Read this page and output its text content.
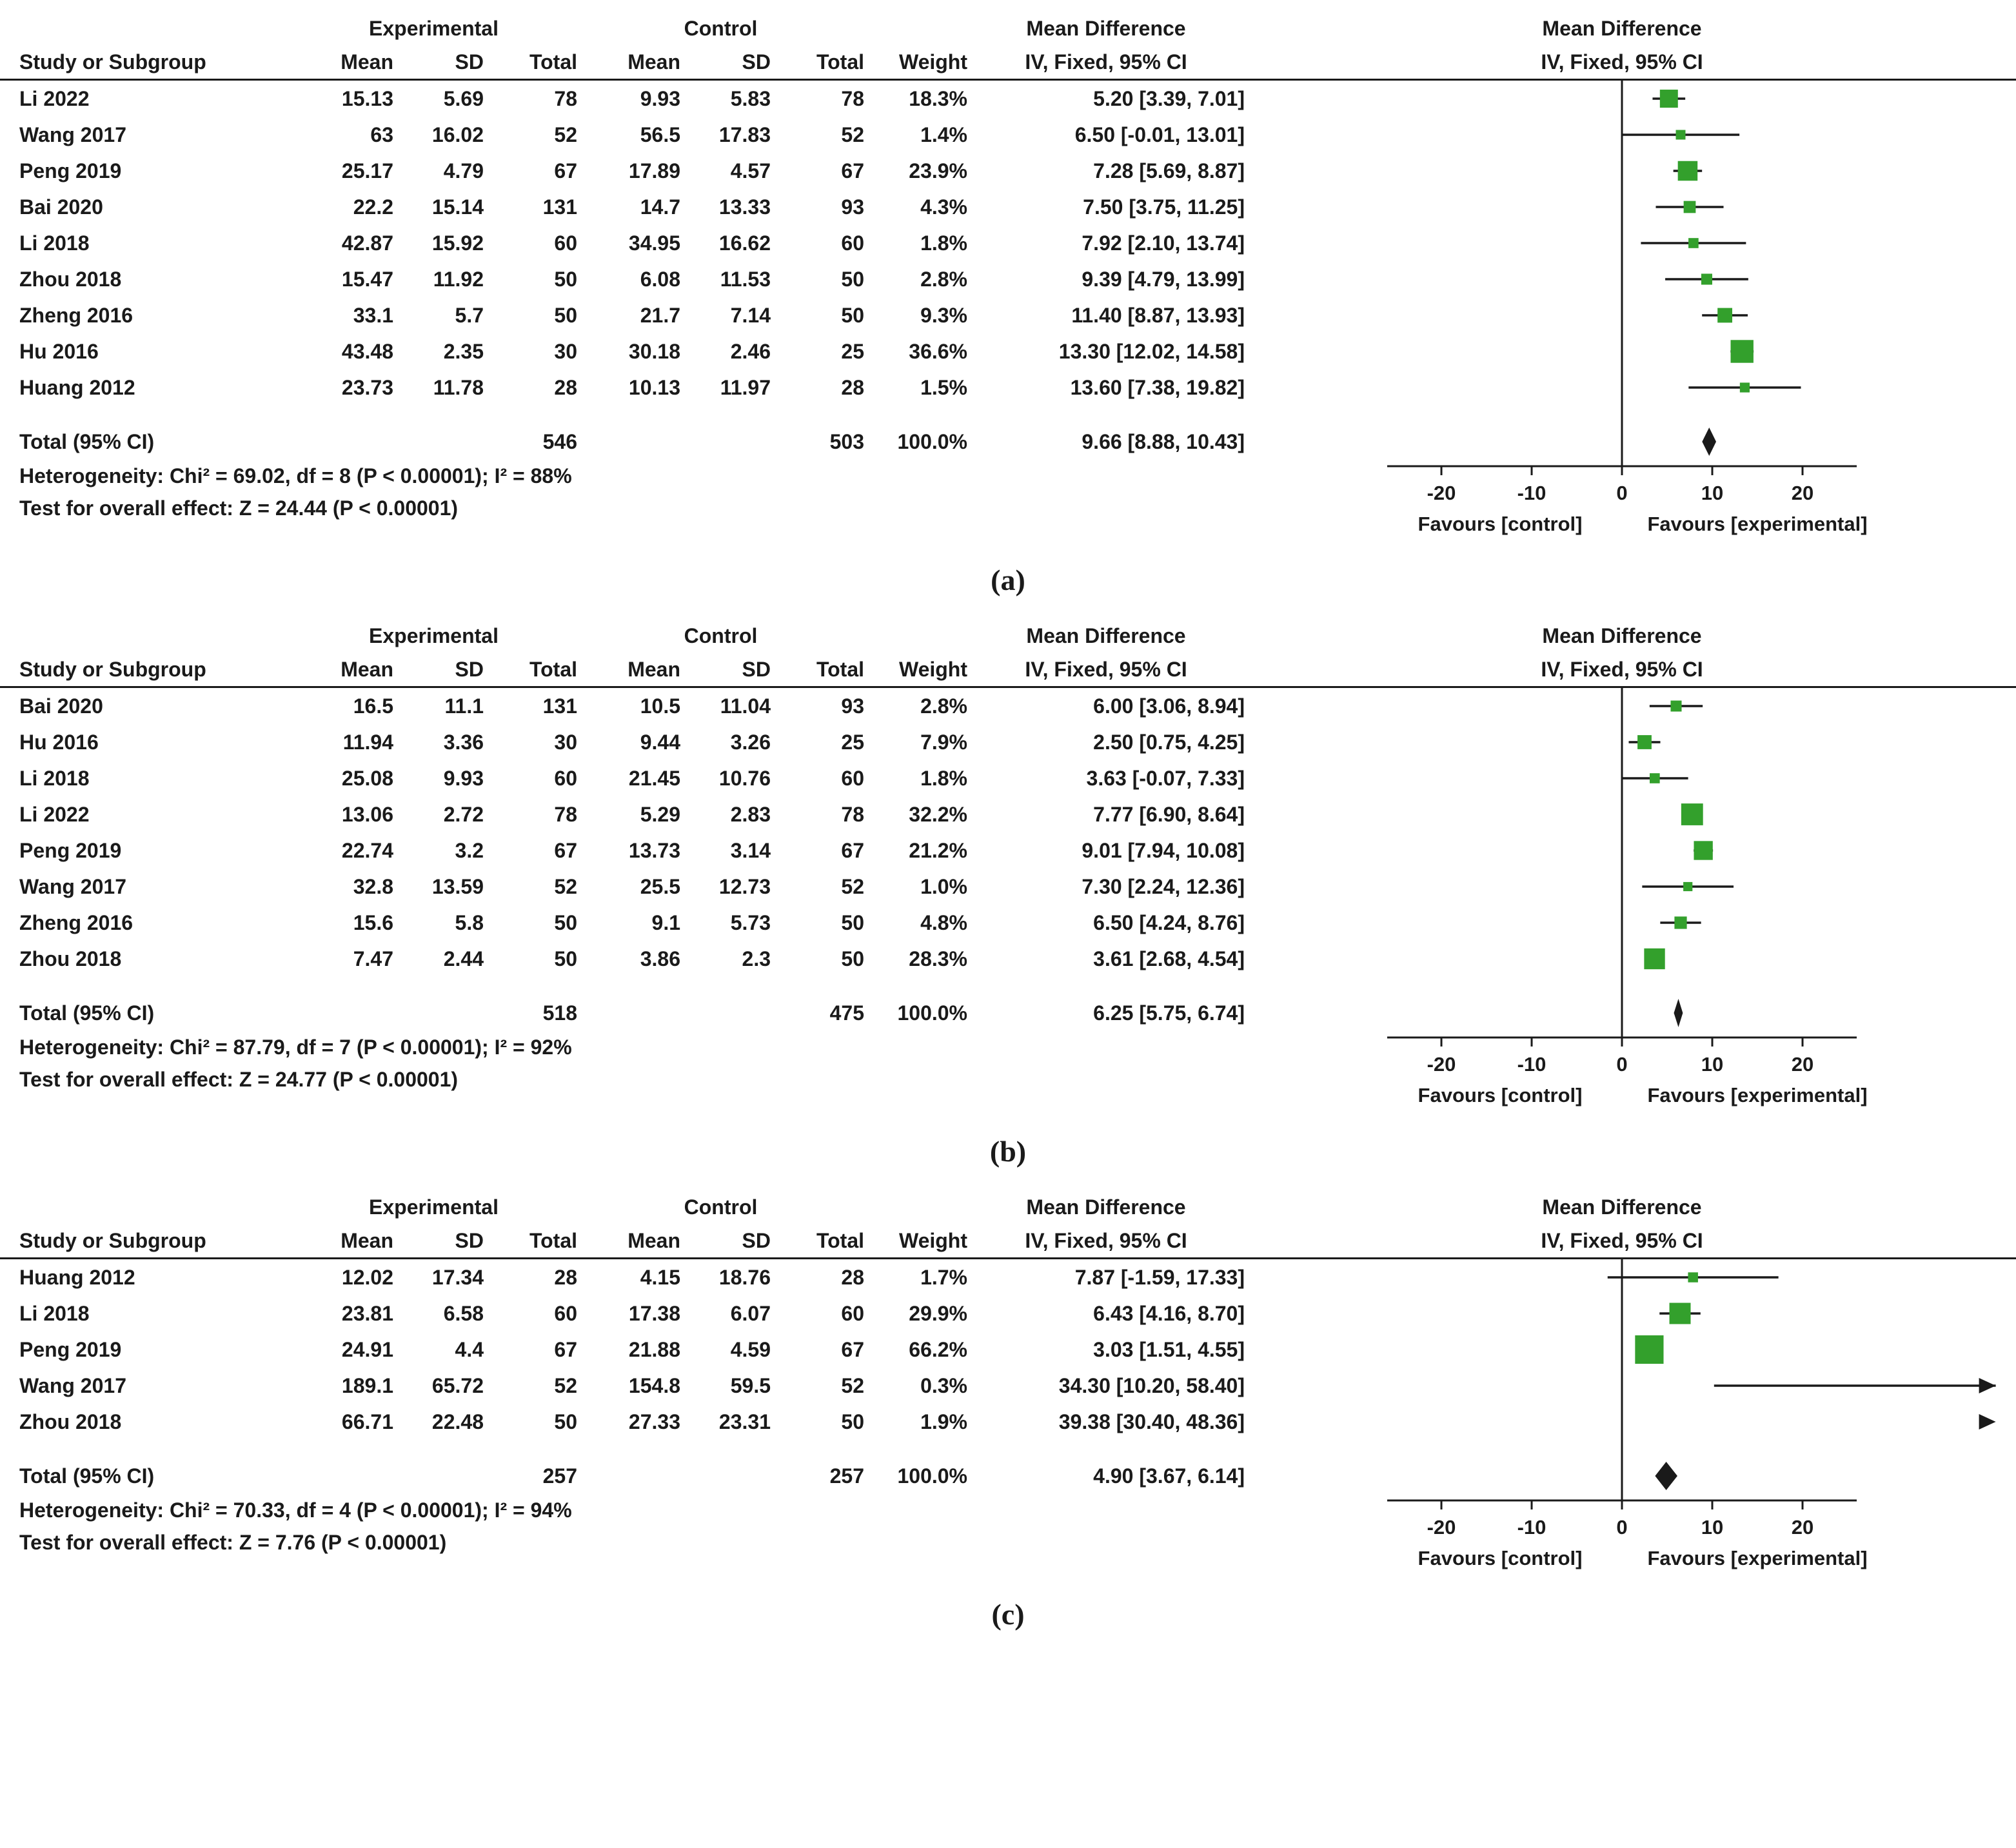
Experimental	Control	Mean Difference
Study or Subgroup	Mean	SD	Total	Mean	SD	Total	Weight	IV, Fixed, 95% CI
Li 2022	15.13	5.69	78	9.93	5.83	78	18.3%	5.20 [3.39, 7.01]
Wang 2017	63	16.02	52	56.5	17.83	52	1.4%	6.50 [-0.01, 13.01]
Peng 2019	25.17	4.79	67	17.89	4.57	67	23.9%	7.28 [5.69, 8.87]
Bai 2020	22.2	15.14	131	14.7	13.33	93	4.3%	7.50 [3.75, 11.25]
Li 2018	42.87	15.92	60	34.95	16.62	60	1.8%	7.92 [2.10, 13.74]
Zhou 2018	15.47	11.92	50	6.08	11.53	50	2.8%	9.39 [4.79, 13.99]
Zheng 2016	33.1	5.7	50	21.7	7.14	50	9.3%	11.40 [8.87, 13.93]
Hu 2016	43.48	2.35	30	30.18	2.46	25	36.6%	13.30 [12.02, 14.58]
Huang 2012	23.73	11.78	28	10.13	11.97	28	1.5%	13.60 [7.38, 19.82]
Total (95% CI)	546	503	100.0%	9.66 [8.88, 10.43]
Heterogeneity: Chi² = 69.02, df = 8 (P < 0.00001); I² = 88%
Test for overall effect: Z = 24.44 (P < 0.00001)
Mean Difference
IV, Fixed, 95% CI
-20	-10	0	10	20
Favours [control]	Favours [experimental]
(a)
Experimental	Control	Mean Difference
Study or Subgroup	Mean	SD	Total	Mean	SD	Total	Weight	IV, Fixed, 95% CI
Bai 2020	16.5	11.1	131	10.5	11.04	93	2.8%	6.00 [3.06, 8.94]
Hu 2016	11.94	3.36	30	9.44	3.26	25	7.9%	2.50 [0.75, 4.25]
Li 2018	25.08	9.93	60	21.45	10.76	60	1.8%	3.63 [-0.07, 7.33]
Li 2022	13.06	2.72	78	5.29	2.83	78	32.2%	7.77 [6.90, 8.64]
Peng 2019	22.74	3.2	67	13.73	3.14	67	21.2%	9.01 [7.94, 10.08]
Wang 2017	32.8	13.59	52	25.5	12.73	52	1.0%	7.30 [2.24, 12.36]
Zheng 2016	15.6	5.8	50	9.1	5.73	50	4.8%	6.50 [4.24, 8.76]
Zhou 2018	7.47	2.44	50	3.86	2.3	50	28.3%	3.61 [2.68, 4.54]
Total (95% CI)	518	475	100.0%	6.25 [5.75, 6.74]
Heterogeneity: Chi² = 87.79, df = 7 (P < 0.00001); I² = 92%
Test for overall effect: Z = 24.77 (P < 0.00001)
Mean Difference
IV, Fixed, 95% CI
-20	-10	0	10	20
Favours [control]	Favours [experimental]
(b)
Experimental	Control	Mean Difference
Study or Subgroup	Mean	SD	Total	Mean	SD	Total	Weight	IV, Fixed, 95% CI
Huang 2012	12.02	17.34	28	4.15	18.76	28	1.7%	7.87 [-1.59, 17.33]
Li 2018	23.81	6.58	60	17.38	6.07	60	29.9%	6.43 [4.16, 8.70]
Peng 2019	24.91	4.4	67	21.88	4.59	67	66.2%	3.03 [1.51, 4.55]
Wang 2017	189.1	65.72	52	154.8	59.5	52	0.3%	34.30 [10.20, 58.40]
Zhou 2018	66.71	22.48	50	27.33	23.31	50	1.9%	39.38 [30.40, 48.36]
Total (95% CI)	257	257	100.0%	4.90 [3.67, 6.14]
Heterogeneity: Chi² = 70.33, df = 4 (P < 0.00001); I² = 94%
Test for overall effect: Z = 7.76 (P < 0.00001)
Mean Difference
IV, Fixed, 95% CI
-20	-10	0	10	20
Favours [control]	Favours [experimental]
(c)
